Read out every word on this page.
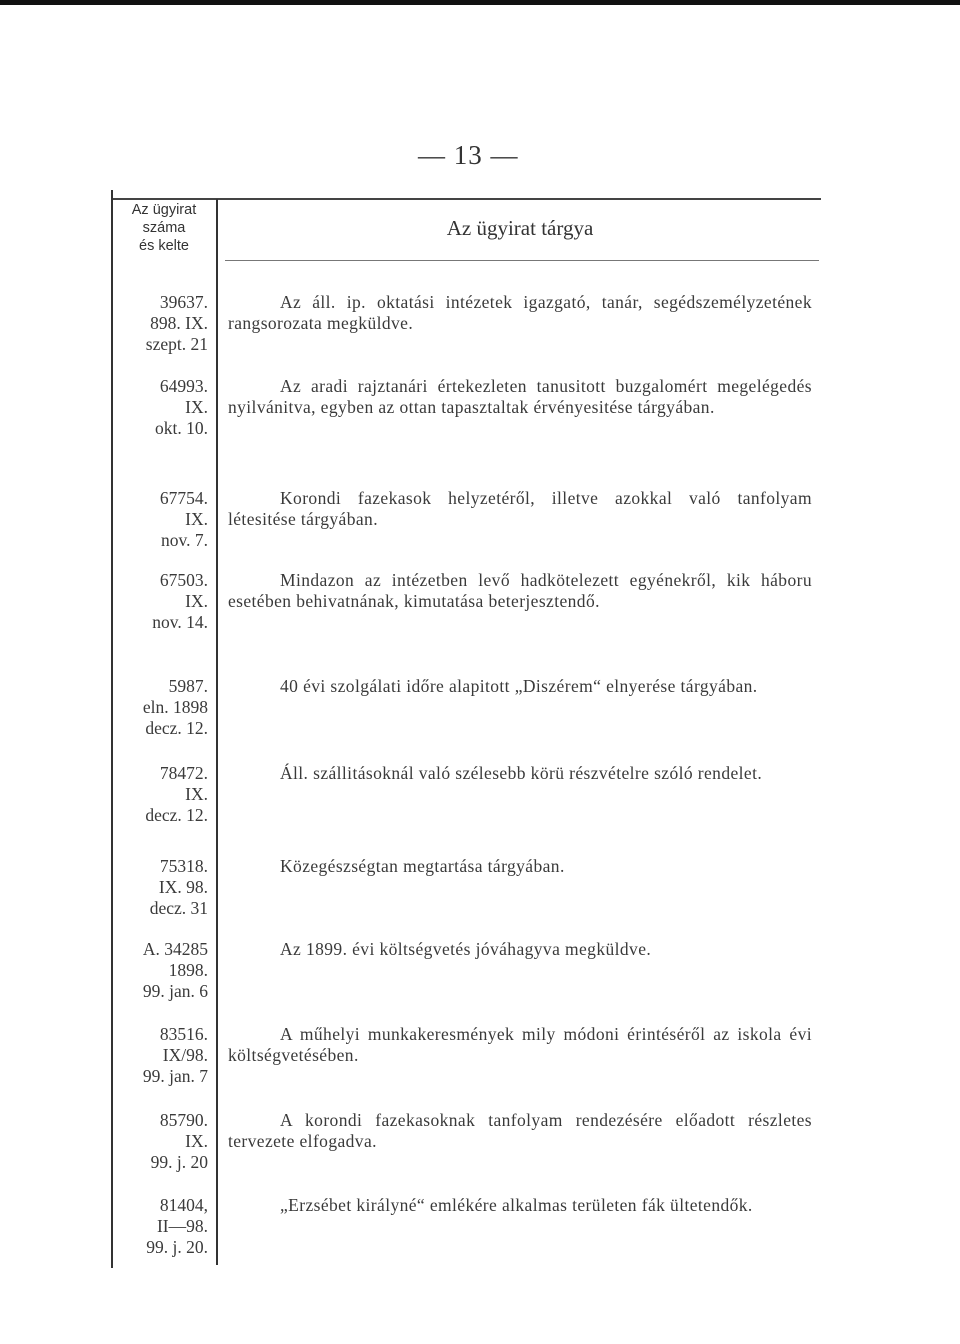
— 13 —
Az ügyirat
száma
és kelte
Az ügyirat tárgya
39637.
898. IX.
szept. 21
Az áll. ip. oktatási intézetek igazgató, tanár, segédszemélyzetének rangsorozata megküldve.
64993.
IX.
okt. 10.
Az aradi rajztanári értekezleten tanusitott buzgalomért megelégedés nyilvánitva, egyben az ottan tapasztaltak érvényesitése tárgyában.
67754.
IX.
nov. 7.
Korondi fazekasok helyzetéről, illetve azokkal való tanfolyam létesitése tárgyában.
67503.
IX.
nov. 14.
Mindazon az intézetben levő hadkötelezett egyénekről, kik háboru esetében behivatnának, kimutatása beterjesztendő.
5987.
eln. 1898
decz. 12.
40 évi szolgálati időre alapitott „Diszérem“ elnyerése tárgyában.
78472.
IX.
decz. 12.
Áll. szállitásoknál való szélesebb körü részvételre szóló rendelet.
75318.
IX. 98.
decz. 31
Közegészségtan megtartása tárgyában.
A. 34285
1898.
99. jan. 6
Az 1899. évi költségvetés jóváhagyva megküldve.
83516.
IX/98.
99. jan. 7
A műhelyi munkakeresmények mily módoni érintéséről az iskola évi költségvetésében.
85790.
IX.
99. j. 20
A korondi fazekasoknak tanfolyam rendezésére előadott részletes tervezete elfogadva.
81404,
II—98.
99. j. 20.
„Erzsébet királyné“ emlékére alkalmas területen fák ültetendők.
